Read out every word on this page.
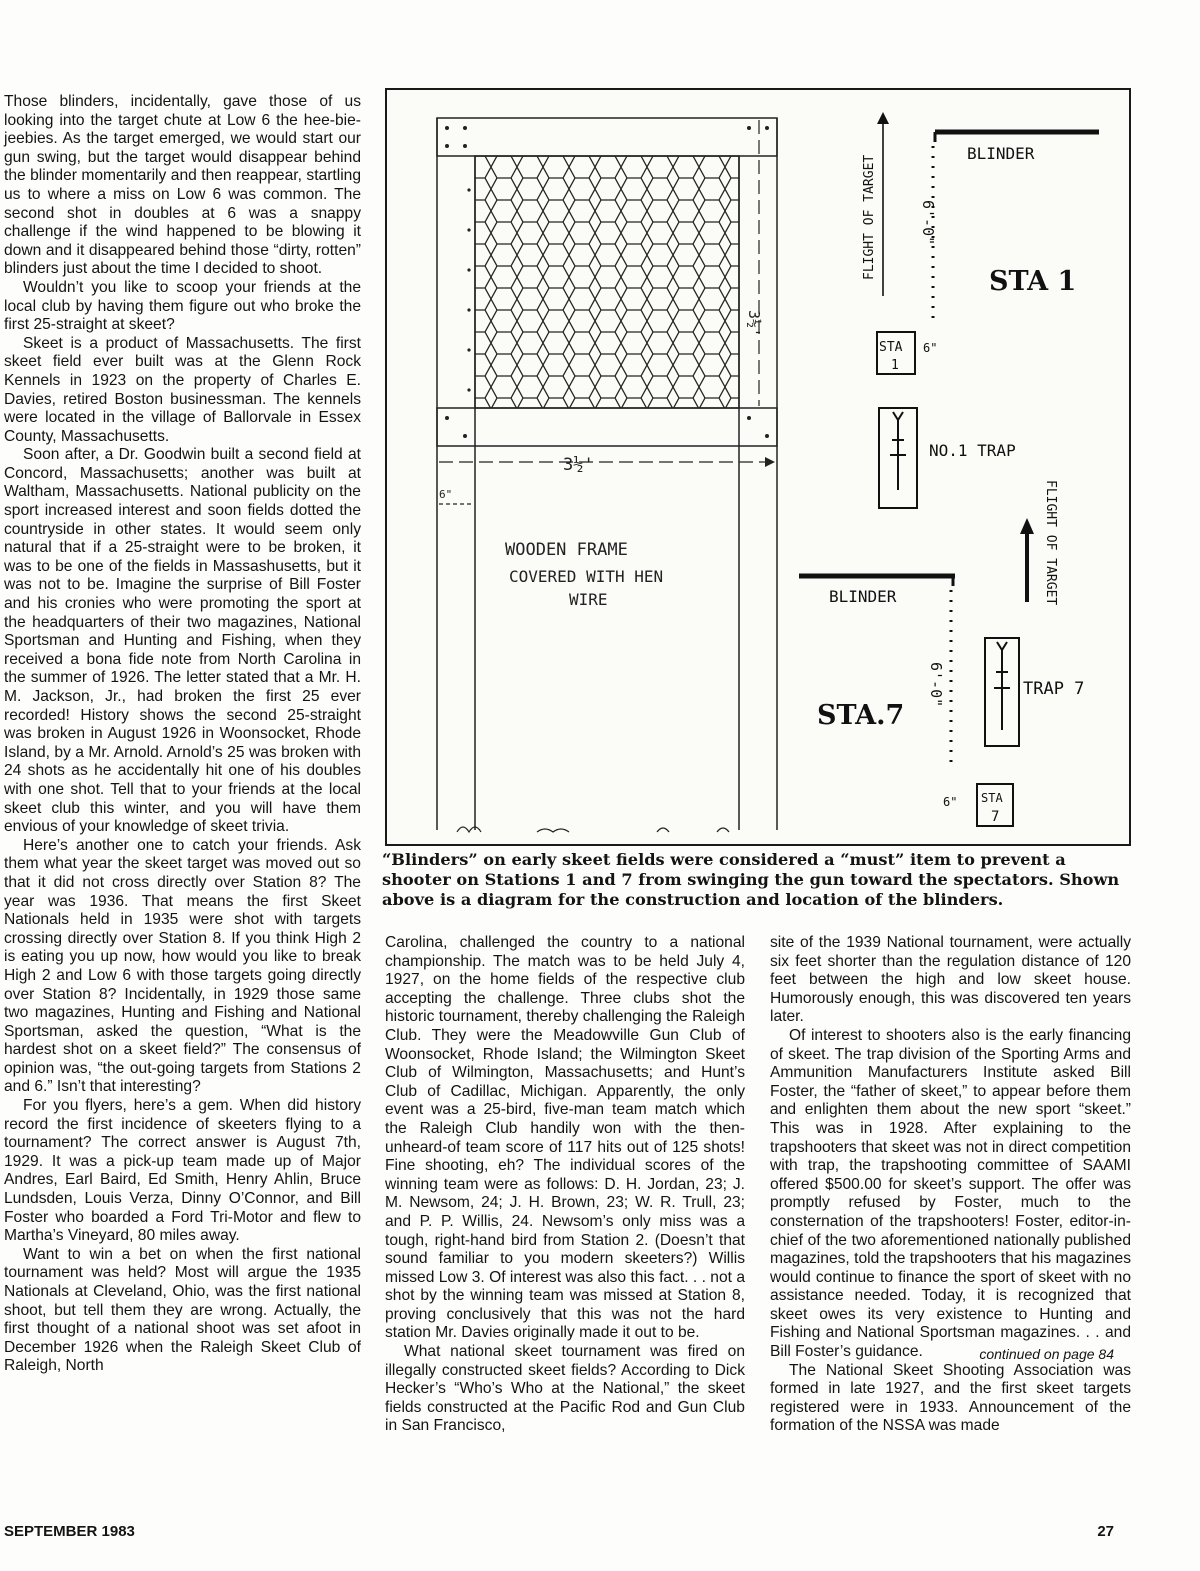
Those blinders, incidentally, gave those of us looking into the target chute at Low 6 the hee-bie-jeebies. As the target emerged, we would start our gun swing, but the target would disappear behind the blinder momentarily and then reappear, startling us to where a miss on Low 6 was common. The second shot in doubles at 6 was a snappy challenge if the wind happened to be blowing it down and it disappeared behind those “dirty, rotten” blinders just about the time I decided to shoot.

Wouldn’t you like to scoop your friends at the local club by having them figure out who broke the first 25-straight at skeet?

Skeet is a product of Massachusetts. The first skeet field ever built was at the Glenn Rock Kennels in 1923 on the property of Charles E. Davies, retired Boston businessman. The kennels were located in the village of Ballorvale in Essex County, Massachusetts.

Soon after, a Dr. Goodwin built a second field at Concord, Massachusetts; another was built at Waltham, Massachusetts. National publicity on the sport increased interest and soon fields dotted the countryside in other states. It would seem only natural that if a 25-straight were to be broken, it was to be one of the fields in Massashusetts, but it was not to be. Imagine the surprise of Bill Foster and his cronies who were promoting the sport at the headquarters of their two magazines, National Sportsman and Hunting and Fishing, when they received a bona fide note from North Carolina in the summer of 1926. The letter stated that a Mr. H. M. Jackson, Jr., had broken the first 25 ever recorded! History shows the second 25-straight was broken in August 1926 in Woonsocket, Rhode Island, by a Mr. Arnold. Arnold’s 25 was broken with 24 shots as he accidentally hit one of his doubles with one shot. Tell that to your friends at the local skeet club this winter, and you will have them envious of your knowledge of skeet trivia.

Here’s another one to catch your friends. Ask them what year the skeet target was moved out so that it did not cross directly over Station 8? The year was 1936. That means the first Skeet Nationals held in 1935 were shot with targets crossing directly over Station 8. If you think High 2 is eating you up now, how would you like to break High 2 and Low 6 with those targets going directly over Station 8? Incidentally, in 1929 those same two magazines, Hunting and Fishing and National Sportsman, asked the question, “What is the hardest shot on a skeet field?” The consensus of opinion was, “the out-going targets from Stations 2 and 6.” Isn’t that interesting?

For you flyers, here’s a gem. When did history record the first incidence of skeeters flying to a tournament? The correct answer is August 7th, 1929. It was a pick-up team made up of Major Andres, Earl Baird, Ed Smith, Henry Ahlin, Bruce Lundsden, Louis Verza, Dinny O’Connor, and Bill Foster who boarded a Ford Tri-Motor and flew to Martha’s Vineyard, 80 miles away.

Want to win a bet on when the first national tournament was held? Most will argue the 1935 Nationals at Cleveland, Ohio, was the first national shoot, but tell them they are wrong. Actually, the first thought of a national shoot was set afoot in December 1926 when the Raleigh Skeet Club of Raleigh, North

WOODEN FRAME
COVERED WITH HEN
WIRE
3½'
3½'
6"
BLINDER
6'-0"
FLIGHT OF TARGET
STA 1
STA
1
6"
NO.1 TRAP
FLIGHT OF TARGET
BLINDER
6'-0"
STA.7
TRAP 7
STA
7
6"
“Blinders” on early skeet fields were considered a “must” item to prevent a shooter on Stations 1 and 7 from swinging the gun toward the spectators. Shown above is a diagram for the construction and location of the blinders.

Carolina, challenged the country to a national championship. The match was to be held July 4, 1927, on the home fields of the respective club accepting the challenge. Three clubs shot the historic tournament, thereby challenging the Raleigh Club. They were the Meadowville Gun Club of Woonsocket, Rhode Island; the Wilmington Skeet Club of Wilmington, Massachusetts; and Hunt’s Club of Cadillac, Michigan. Apparently, the only event was a 25-bird, five-man team match which the Raleigh Club handily won with the then-unheard-of team score of 117 hits out of 125 shots! Fine shooting, eh? The individual scores of the winning team were as follows: D. H. Jordan, 23; J. M. Newsom, 24; J. H. Brown, 23; W. R. Trull, 23; and P. P. Willis, 24. Newsom’s only miss was a tough, right-hand bird from Station 2. (Doesn’t that sound familiar to you modern skeeters?) Willis missed Low 3. Of interest was also this fact. . . not a shot by the winning team was missed at Station 8, proving conclusively that this was not the hard station Mr. Davies originally made it out to be.

What national skeet tournament was fired on illegally constructed skeet fields? According to Dick Hecker’s “Who’s Who at the National,” the skeet fields constructed at the Pacific Rod and Gun Club in San Francisco,

site of the 1939 National tournament, were actually six feet shorter than the regulation distance of 120 feet between the high and low skeet house. Humorously enough, this was discovered ten years later.

Of interest to shooters also is the early financing of skeet. The trap division of the Sporting Arms and Ammunition Manufacturers Institute asked Bill Foster, the “father of skeet,” to appear before them and enlighten them about the new sport “skeet.” This was in 1928. After explaining to the trapshooters that skeet was not in direct competition with trap, the trapshooting committee of SAAMI offered $500.00 for skeet’s support. The offer was promptly refused by Foster, much to the consternation of the trapshooters! Foster, editor-in-chief of the two aforementioned nationally published magazines, told the trapshooters that his magazines would continue to finance the sport of skeet with no assistance needed. Today, it is recognized that skeet owes its very existence to Hunting and Fishing and National Sportsman magazines. . . and Bill Foster’s guidance.

The National Skeet Shooting Association was formed in late 1927, and the first skeet targets registered were in 1933. Announcement of the formation of the NSSA was made

continued on page 84
SEPTEMBER 1983	27
